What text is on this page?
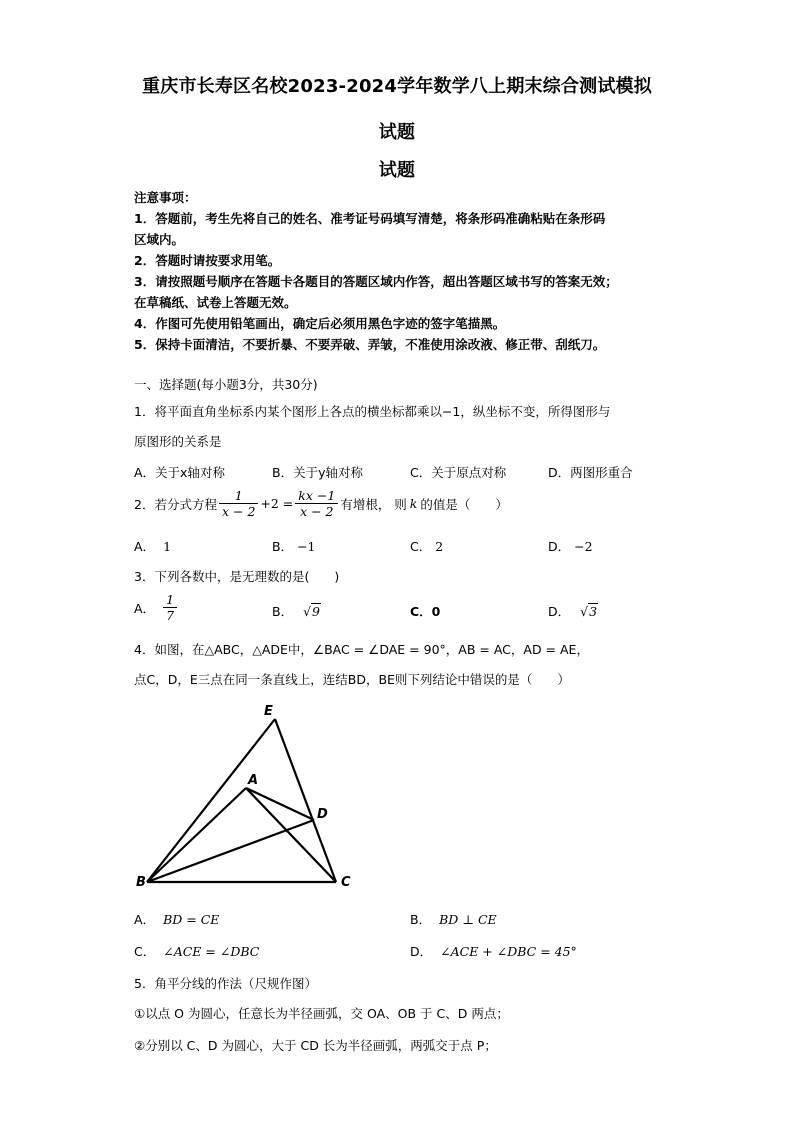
重庆市长寿区名校2023-2024学年数学八上期末综合测试模拟
试题
试题
注意事项：
1．答题前，考生先将自己的姓名、准考证号码填写清楚，将条形码准确粘贴在条形码
区域内。
2．答题时请按要求用笔。
3．请按照题号顺序在答题卡各题目的答题区域内作答，超出答题区域书写的答案无效；
在草稿纸、试卷上答题无效。
4．作图可先使用铅笔画出，确定后必须用黑色字迹的签字笔描黑。
5．保持卡面清洁，不要折暴、不要弄破、弄皱，不准使用涂改液、修正带、刮纸刀。
一、选择题(每小题3分，共30分)
1．将平面直角坐标系内某个图形上各点的横坐标都乘以−1，纵坐标不变，所得图形与
原图形的关系是
A．关于x轴对称	B．关于y轴对称	C．关于原点对称	D．两图形重合
2．若分式方程 $\frac{1}{x - 2} +2 = \frac{kx -1}{x - 2}$ 有增根， 则 k 的值是（　　）
A． 1	B． −1	C． 2	D． −2
3．下列各数中，是无理数的是(　　)
A． $\frac{1}{7}$	B． √9	C．0	D． √3
4．如图，在△ABC，△ADE中，∠BAC = ∠DAE = 90°，AB = AC，AD = AE，
点C，D，E三点在同一条直线上，连结BD，BE则下列结论中错误的是（　　）
E
A
D
B	C
A． BD = CE	B． BD ⊥ CE
C． ∠ACE = ∠DBC	D． ∠ACE + ∠DBC = 45°
5．角平分线的作法（尺规作图）
①以点 O 为圆心，任意长为半径画弧，交 OA、OB 于 C、D 两点；
②分别以 C、D 为圆心，大于 CD 长为半径画弧，两弧交于点 P；
